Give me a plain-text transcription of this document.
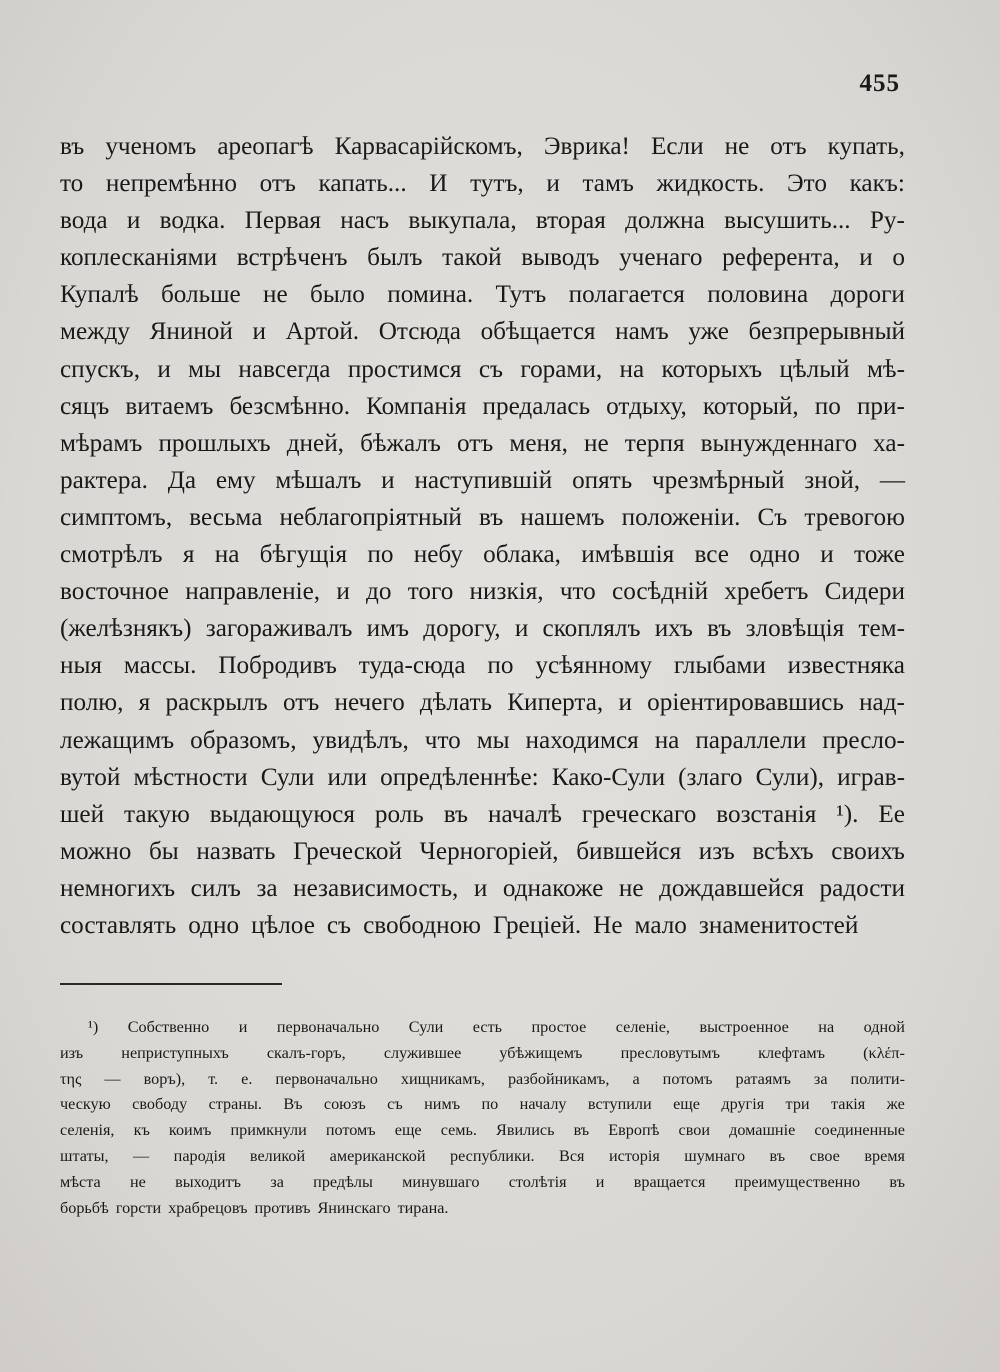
455
въ ученомъ ареопагѣ Карвасарійскомъ, Эврика! Если не отъ купать,
то непремѣнно отъ капать... И тутъ, и тамъ жидкость. Это какъ:
вода и водка. Первая насъ выкупала, вторая должна высушить... Ру-
коплесканіями встрѣченъ былъ такой выводъ ученаго референта, и о
Купалѣ больше не было помина. Тутъ полагается половина дороги
между Яниной и Артой. Отсюда обѣщается намъ уже безпрерывный
спускъ, и мы навсегда простимся съ горами, на которыхъ цѣлый мѣ-
сяцъ витаемъ безсмѣнно. Компанія предалась отдыху, который, по при-
мѣрамъ прошлыхъ дней, бѣжалъ отъ меня, не терпя вынужденнаго ха-
рактера. Да ему мѣшалъ и наступившій опять чрезмѣрный зной, —
симптомъ, весьма неблагопріятный въ нашемъ положеніи. Съ тревогою
смотрѣлъ я на бѣгущія по небу облака, имѣвшія все одно и тоже
восточное направленіе, и до того низкія, что сосѣдній хребетъ Сидери
(желѣзнякъ) загораживалъ имъ дорогу, и скоплялъ ихъ въ зловѣщія тем-
ныя массы. Побродивъ туда-сюда по усѣянному глыбами известняка
полю, я раскрылъ отъ нечего дѣлать Киперта, и оріентировавшись над-
лежащимъ образомъ, увидѣлъ, что мы находимся на параллели пресло-
вутой мѣстности Сули или опредѣленнѣе: Како-Сули (злаго Сули), игрaв-
шей такую выдающуюся роль въ началѣ греческаго возстанія ¹). Ее
можно бы назвать Греческой Черногоріей, бившейся изъ всѣхъ своихъ
немногихъ силъ за независимость, и однакоже не дождавшейся радости
составлять одно цѣлое съ свободною Греціей. Не мало знаменитостей
¹) Собственно и первоначально Сули есть простое селеніе, выстроенное на одной
изъ неприступныхъ скалъ-горъ, служившее убѣжищемъ пресловутымъ клефтамъ (κλέπ-
της — воръ), т. е. первоначально хищникамъ, разбойникамъ, а потомъ ратаямъ за полити-
ческую свободу страны. Въ союзъ съ нимъ по началу вступили еще другія три такія же
селенія, къ коимъ примкнули потомъ еще семь. Явились въ Европѣ свои домашніе соединенные
штаты, — пародія великой американской республики. Вся исторія шумнаго въ свое время
мѣста не выходитъ за предѣлы минувшаго столѣтія и вращается преимущественно въ
борьбѣ горсти храбрецовъ противъ Янинскаго тирана.
